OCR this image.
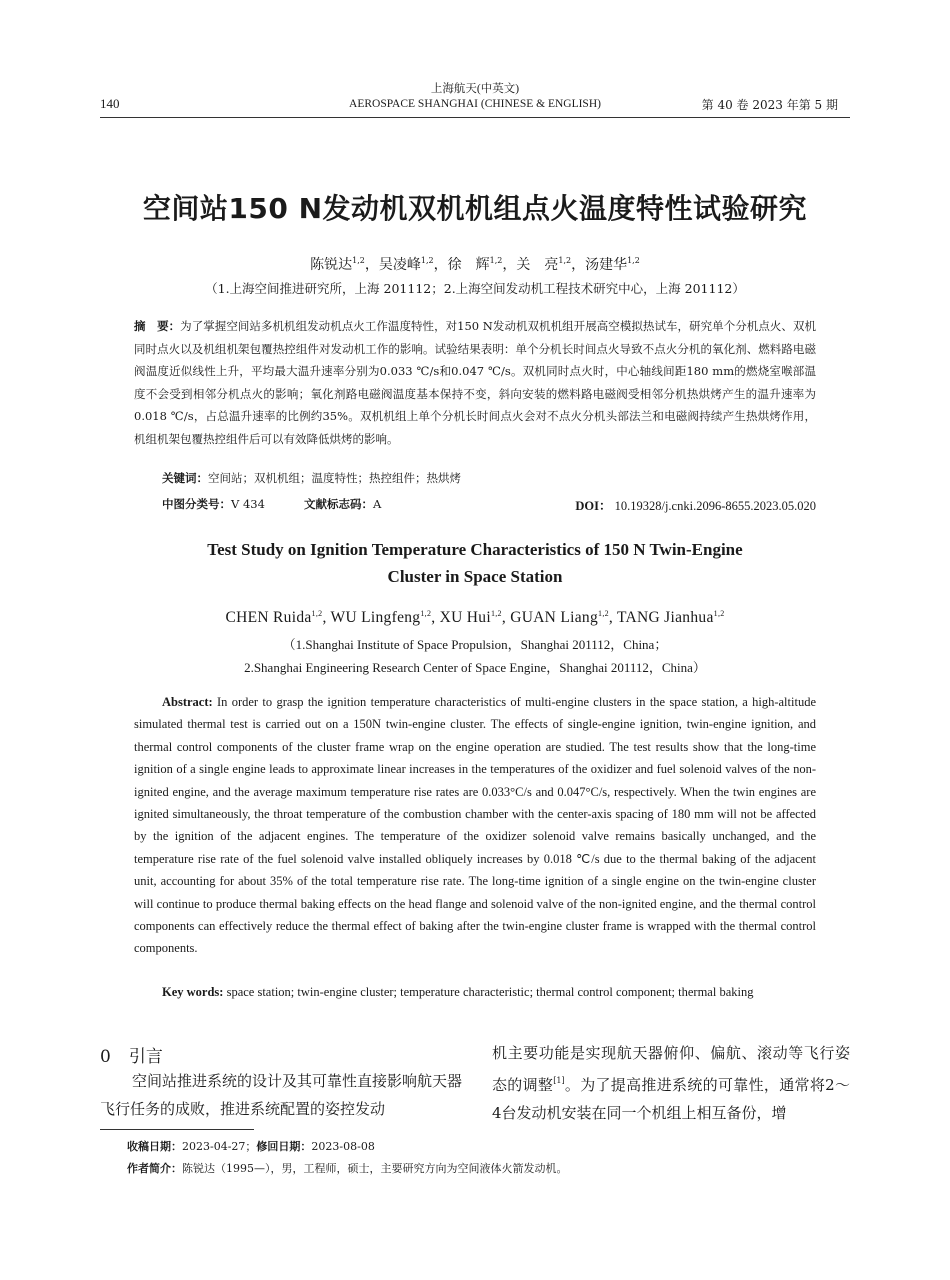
140
上海航天(中英文)
AEROSPACE SHANGHAI (CHINESE & ENGLISH)	第 40 卷 2023 年第 5 期
空间站150 N发动机双机机组点火温度特性试验研究
陈锐达$^{1,2}$，吴凌峰$^{1,2}$，徐　辉$^{1,2}$，关　亮$^{1,2}$，汤建华$^{1,2}$
（1.上海空间推进研究所，上海 201112；2.上海空间发动机工程技术研究中心，上海 201112）
摘　要：为了掌握空间站多机机组发动机点火工作温度特性，对150 N发动机双机机组开展高空模拟热试车，研究单个分机点火、双机同时点火以及机组机架包覆热控组件对发动机工作的影响。试验结果表明：单个分机长时间点火导致不点火分机的氧化剂、燃料路电磁阀温度近似线性上升，平均最大温升速率分别为0.033 ℃/s和0.047 ℃/s。双机同时点火时，中心轴线间距180 mm的燃烧室喉部温度不会受到相邻分机点火的影响；氧化剂路电磁阀温度基本保持不变，斜向安装的燃料路电磁阀受相邻分机热烘烤产生的温升速率为0.018 ℃/s，占总温升速率的比例约35%。双机机组上单个分机长时间点火会对不点火分机头部法兰和电磁阀持续产生热烘烤作用，机组机架包覆热控组件后可以有效降低烘烤的影响。
关键词：空间站；双机机组；温度特性；热控组件；热烘烤
中图分类号：V 434	文献标志码：A	DOI： 10.19328/j.cnki.2096-8655.2023.05.020
Test Study on Ignition Temperature Characteristics of 150 N Twin-Engine
Cluster in Space Station
CHEN Ruida$^{1,2}$, WU Lingfeng$^{1,2}$, XU Hui$^{1,2}$, GUAN Liang$^{1,2}$, TANG Jianhua$^{1,2}$
（1.Shanghai Institute of Space Propulsion，Shanghai 201112，China；
2.Shanghai Engineering Research Center of Space Engine，Shanghai 201112，China）
Abstract: In order to grasp the ignition temperature characteristics of multi-engine clusters in the space station, a high-altitude simulated thermal test is carried out on a 150N twin-engine cluster. The effects of single-engine ignition, twin-engine ignition, and thermal control components of the cluster frame wrap on the engine operation are studied. The test results show that the long-time ignition of a single engine leads to approximate linear increases in the temperatures of the oxidizer and fuel solenoid valves of the non-ignited engine, and the average maximum temperature rise rates are 0.033°C/s and 0.047°C/s, respectively. When the twin engines are ignited simultaneously, the throat temperature of the combustion chamber with the center-axis spacing of 180 mm will not be affected by the ignition of the adjacent engines. The temperature of the oxidizer solenoid valve remains basically unchanged, and the temperature rise rate of the fuel solenoid valve installed obliquely increases by 0.018 ℃/s due to the thermal baking of the adjacent unit, accounting for about 35% of the total temperature rise rate. The long-time ignition of a single engine on the twin-engine cluster will continue to produce thermal baking effects on the head flange and solenoid valve of the non-ignited engine, and the thermal control components can effectively reduce the thermal effect of baking after the twin-engine cluster frame is wrapped with the thermal control components.
Key words: space station; twin-engine cluster; temperature characteristic; thermal control component; thermal baking
0 引言
空间站推进系统的设计及其可靠性直接影响航天器飞行任务的成败，推进系统配置的姿控发动
机主要功能是实现航天器俯仰、偏航、滚动等飞行姿态的调整[1]。为了提高推进系统的可靠性，通常将2～4台发动机安装在同一个机组上相互备份，增
收稿日期：2023-04-27；修回日期：2023-08-08
作者简介：陈锐达（1995—），男，工程师，硕士，主要研究方向为空间液体火箭发动机。
